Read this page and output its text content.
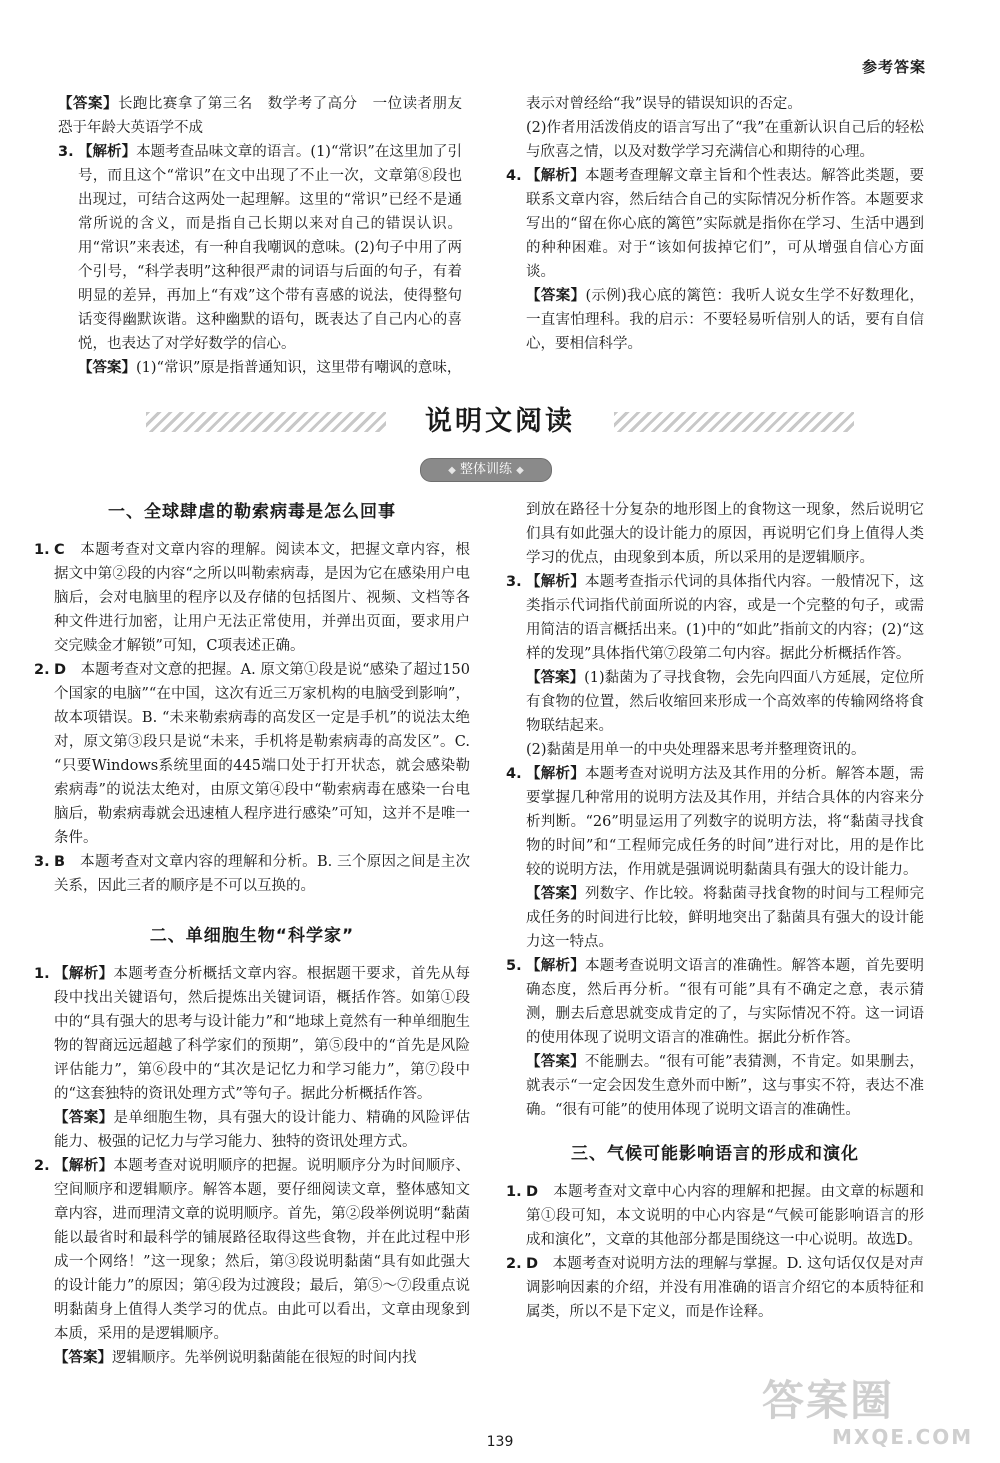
参考答案

【答案】长跑比赛拿了第三名　数学考了高分　一位读者朋友恐于年龄大英语学不成

3. 【解析】本题考查品味文章的语言。(1)“常识”在这里加了引号，而且这个“常识”在文中出现了不止一次，文章第⑧段也出现过，可结合这两处一起理解。这里的“常识”已经不是通常所说的含义，而是指自己长期以来对自己的错误认识。用“常识”来表述，有一种自我嘲讽的意味。(2)句子中用了两个引号，“科学表明”这种很严肃的词语与后面的句子，有着明显的差异，再加上“有戏”这个带有喜感的说法，使得整句话变得幽默诙谐。这种幽默的语句，既表达了自己内心的喜悦，也表达了对学好数学的信心。

【答案】(1)“常识”原是指普通知识，这里带有嘲讽的意味，

表示对曾经给“我”误导的错误知识的否定。

(2)作者用活泼俏皮的语言写出了“我”在重新认识自己后的轻松与欣喜之情，以及对数学学习充满信心和期待的心理。

4. 【解析】本题考查理解文章主旨和个性表达。解答此类题，要联系文章内容，然后结合自己的实际情况分析作答。本题要求写出的“留在你心底的篱笆”实际就是指你在学习、生活中遇到的种种困难。对于“该如何拔掉它们”，可从增强自信心方面谈。

【答案】(示例)我心底的篱笆：我听人说女生学不好数理化，一直害怕理科。我的启示：不要轻易听信别人的话，要有自信心，要相信科学。

说明文阅读
◆ 整体训练 ◆
一、全球肆虐的勒索病毒是怎么回事
1. C　 本题考查对文章内容的理解。阅读本文，把握文章内容，根据文中第②段的内容“之所以叫勒索病毒，是因为它在感染用户电脑后，会对电脑里的程序以及存储的包括图片、视频、文档等各种文件进行加密，让用户无法正常使用，并弹出页面，要求用户交完赎金才解锁”可知，C项表述正确。

2. D　 本题考查对文意的把握。A. 原文第①段是说“感染了超过150个国家的电脑”“在中国，这次有近三万家机构的电脑受到影响”，故本项错误。B. “未来勒索病毒的高发区一定是手机”的说法太绝对，原文第③段只是说“未来，手机将是勒索病毒的高发区”。C. “只要Windows系统里面的445端口处于打开状态，就会感染勒索病毒”的说法太绝对，由原文第④段中“勒索病毒在感染一台电脑后，勒索病毒就会迅速植人程序进行感染”可知，这并不是唯一条件。

3. B　 本题考查对文章内容的理解和分析。B. 三个原因之间是主次关系，因此三者的顺序是不可以互换的。

二、单细胞生物“科学家”
1. 【解析】本题考查分析概括文章内容。根据题干要求，首先从每段中找出关键语句，然后提炼出关键词语，概括作答。如第①段中的“具有强大的思考与设计能力”和“地球上竟然有一种单细胞生物的智商远远超越了科学家们的预期”，第⑤段中的“首先是风险评估能力”，第⑥段中的“其次是记忆力和学习能力”，第⑦段中的“这套独特的资讯处理方式”等句子。据此分析概括作答。

【答案】是单细胞生物，具有强大的设计能力、精确的风险评估能力、极强的记忆力与学习能力、独特的资讯处理方式。

2. 【解析】本题考查对说明顺序的把握。说明顺序分为时间顺序、空间顺序和逻辑顺序。解答本题，要仔细阅读文章，整体感知文章内容，进而理清文章的说明顺序。首先，第②段举例说明“黏菌能以最省时和最科学的铺展路径取得这些食物，并在此过程中形成一个网络！”这一现象；然后，第③段说明黏菌“具有如此强大的设计能力”的原因；第④段为过渡段；最后，第⑤～⑦段重点说明黏菌身上值得人类学习的优点。由此可以看出，文章由现象到本质，采用的是逻辑顺序。

【答案】逻辑顺序。先举例说明黏菌能在很短的时间内找

到放在路径十分复杂的地形图上的食物这一现象，然后说明它们具有如此强大的设计能力的原因，再说明它们身上值得人类学习的优点，由现象到本质，所以采用的是逻辑顺序。

3. 【解析】本题考查指示代词的具体指代内容。一般情况下，这类指示代词指代前面所说的内容，或是一个完整的句子，或需用简洁的语言概括出来。(1)中的“如此”指前文的内容；(2)“这样的发现”具体指代第⑦段第二句内容。据此分析概括作答。

【答案】(1)黏菌为了寻找食物，会先向四面八方延展，定位所有食物的位置，然后收缩回来形成一个高效率的传输网络将食物联结起来。

(2)黏菌是用单一的中央处理器来思考并整理资讯的。

4. 【解析】本题考查对说明方法及其作用的分析。解答本题，需要掌握几种常用的说明方法及其作用，并结合具体的内容来分析判断。“26”明显运用了列数字的说明方法，将“黏菌寻找食物的时间”和“工程师完成任务的时间”进行对比，用的是作比较的说明方法，作用就是强调说明黏菌具有强大的设计能力。

【答案】列数字、作比较。将黏菌寻找食物的时间与工程师完成任务的时间进行比较，鲜明地突出了黏菌具有强大的设计能力这一特点。

5. 【解析】本题考查说明文语言的准确性。解答本题，首先要明确态度，然后再分析。“很有可能”具有不确定之意，表示猜测，删去后意思就变成肯定的了，与实际情况不符。这一词语的使用体现了说明文语言的准确性。据此分析作答。

【答案】不能删去。“很有可能”表猜测，不肯定。如果删去，就表示“一定会因发生意外而中断”，这与事实不符，表达不准确。“很有可能”的使用体现了说明文语言的准确性。

三、气候可能影响语言的形成和演化
1. D　 本题考查对文章中心内容的理解和把握。由文章的标题和第①段可知，本文说明的中心内容是“气候可能影响语言的形成和演化”，文章的其他部分都是围绕这一中心说明。故选D。

2. D　 本题考查对说明方法的理解与掌握。D. 这句话仅仅是对声调影响因素的介绍，并没有用准确的语言介绍它的本质特征和属类，所以不是下定义，而是作诠释。

139
答案圈
MXQE.COM
